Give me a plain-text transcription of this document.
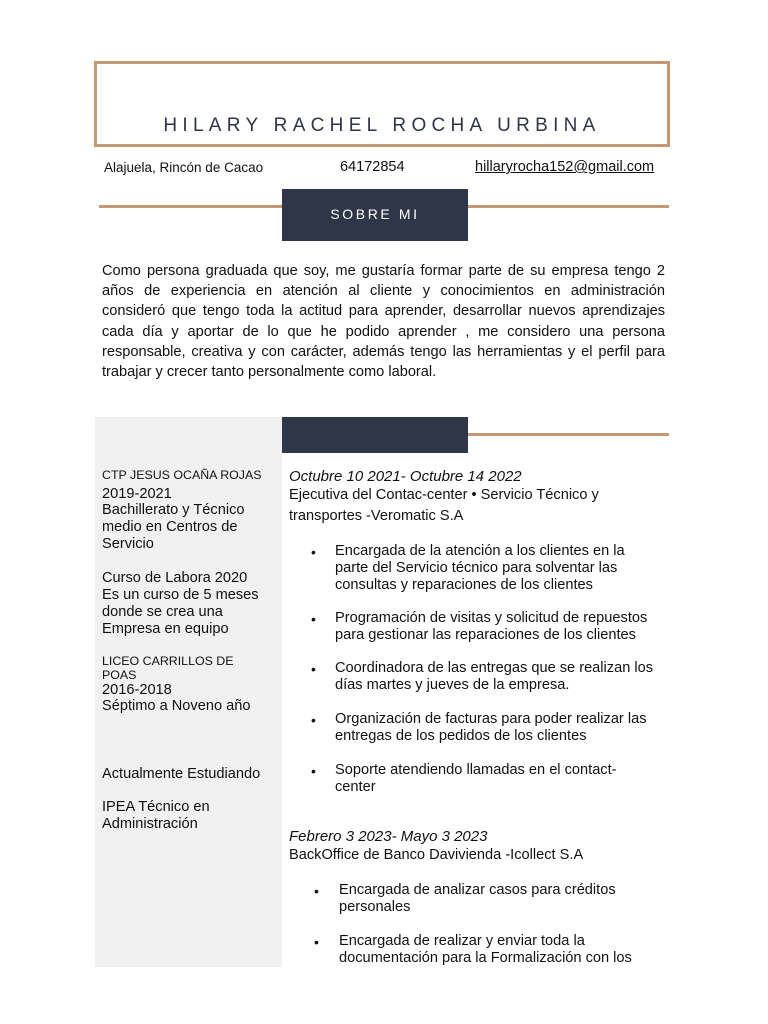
HILARY RACHEL ROCHA URBINA
Alajuela, Rincón de Cacao	64172854	hillaryrocha152@gmail.com
SOBRE MI

Como persona graduada que soy, me gustaría formar parte de su empresa tengo 2 años de experiencia en atención al cliente y conocimientos en administración consideró que tengo toda la actitud para aprender, desarrollar nuevos aprendizajes cada día y aportar de lo que he podido aprender , me considero una persona responsable, creativa y con carácter, además tengo las herramientas y el perfil para trabajar y crecer tanto personalmente como laboral.

CTP JESUS OCAÑA ROJAS
2019-2021
Bachillerato y Técnico medio en Centros de Servicio
Curso de Labora 2020
Es un curso de 5 meses donde se crea una Empresa en equipo
LICEO CARRILLOS DE POAS
2016-2018
Séptimo a Noveno año
Actualmente Estudiando
IPEA Técnico en Administración
Octubre 10 2021- Octubre 14 2022
Ejecutiva del Contac-center • Servicio Técnico y transportes -Veromatic S.A
• Encargada de la atención a los clientes en la parte del Servicio técnico para solventar las consultas y reparaciones de los clientes
• Programación de visitas y solicitud de repuestos para gestionar las reparaciones de los clientes
• Coordinadora de las entregas que se realizan los días martes y jueves de la empresa.
• Organización de facturas para poder realizar las entregas de los pedidos de los clientes
• Soporte atendiendo llamadas en el contact-center
Febrero 3 2023- Mayo 3 2023
BackOffice de Banco Davivienda -Icollect S.A
• Encargada de analizar casos para créditos personales
• Encargada de realizar y enviar toda la documentación para la Formalización con los
